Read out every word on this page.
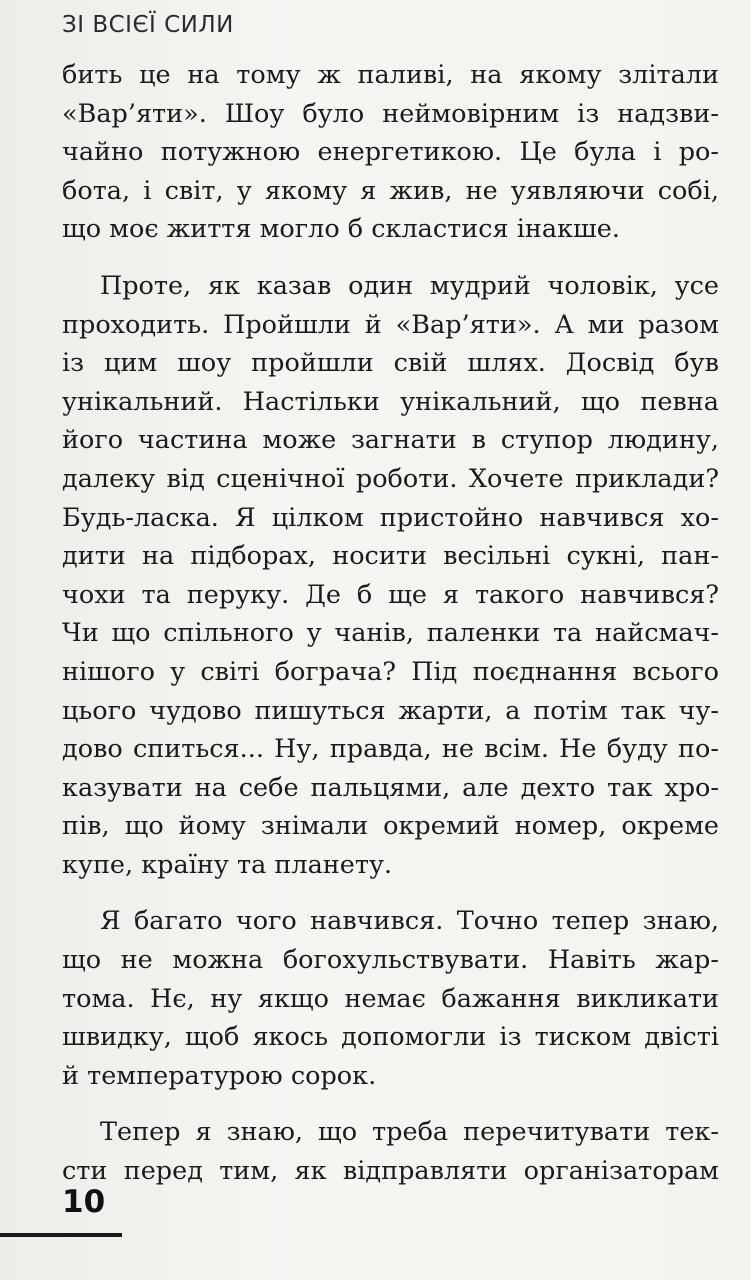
ЗІ ВСІЄЇ СИЛИ

бить це на тому ж паливі, на якому злітали
«Вар’яти». Шоу було неймовірним із надзви-
чайно потужною енергетикою. Це була і ро-
бота, і світ, у якому я жив, не уявляючи собі,
що моє життя могло б скластися інакше.

Проте, як казав один мудрий чоловік, усе
проходить. Пройшли й «Вар’яти». А ми разом
із цим шоу пройшли свій шлях. Досвід був
унікальний. Настільки унікальний, що певна
його частина може загнати в ступор людину,
далеку від сценічної роботи. Хочете приклади?
Будь-ласка. Я цілком пристойно навчився хо-
дити на підборах, носити весільні сукні, пан-
чохи та перуку. Де б ще я такого навчився?
Чи що спільного у чанів, паленки та найсмач-
нішого у світі бограча? Під поєднання всього
цього чудово пишуться жарти, а потім так чу-
дово спиться... Ну, правда, не всім. Не буду по-
казувати на себе пальцями, але дехто так хро-
пів, що йому знімали окремий номер, окреме
купе, країну та планету.

Я багато чого навчився. Точно тепер знаю,
що не можна богохульствувати. Навіть жар-
тома. Нє, ну якщо немає бажання викликати
швидку, щоб якось допомогли із тиском двісті
й температурою сорок.

Тепер я знаю, що треба перечитувати тек-
сти перед тим, як відправляти організаторам

10
